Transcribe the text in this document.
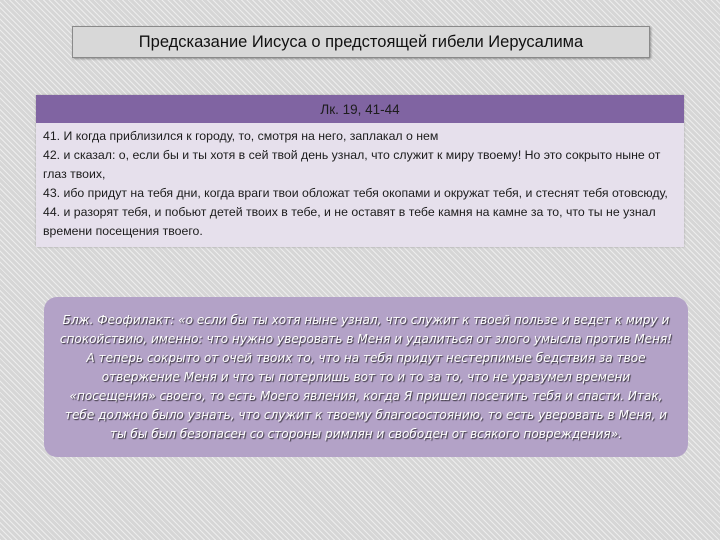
Предсказание Иисуса о предстоящей гибели Иерусалима
Лк. 19, 41-44

41. И когда приблизился к городу, то, смотря на него, заплакал о нем

42. и сказал: о, если бы и ты хотя в сей твой день узнал, что служит к миру твоему! Но это сокрыто ныне от глаз твоих,

43. ибо придут на тебя дни, когда враги твои обложат тебя окопами и окружат тебя, и стеснят тебя отовсюду,

44. и разорят тебя, и побьют детей твоих в тебе, и не оставят в тебе камня на камне за то, что ты не узнал времени посещения твоего.

Блж. Феофилакт: «о если бы ты хотя ныне узнал, что служит к твоей пользе и ведет к миру и спокойствию, именно: что нужно уверовать в Меня и удалиться от злого умысла против Меня! А теперь сокрыто от очей твоих то, что на тебя придут нестерпимые бедствия за твое отвержение Меня и что ты потерпишь вот то и то за то, что не уразумел времени «посещения» своего, то есть Моего явления, когда Я пришел посетить тебя и спасти. Итак, тебе должно было узнать, что служит к твоему благосостоянию, то есть уверовать в Меня, и ты бы был безопасен со стороны римлян и свободен от всякого повреждения».
